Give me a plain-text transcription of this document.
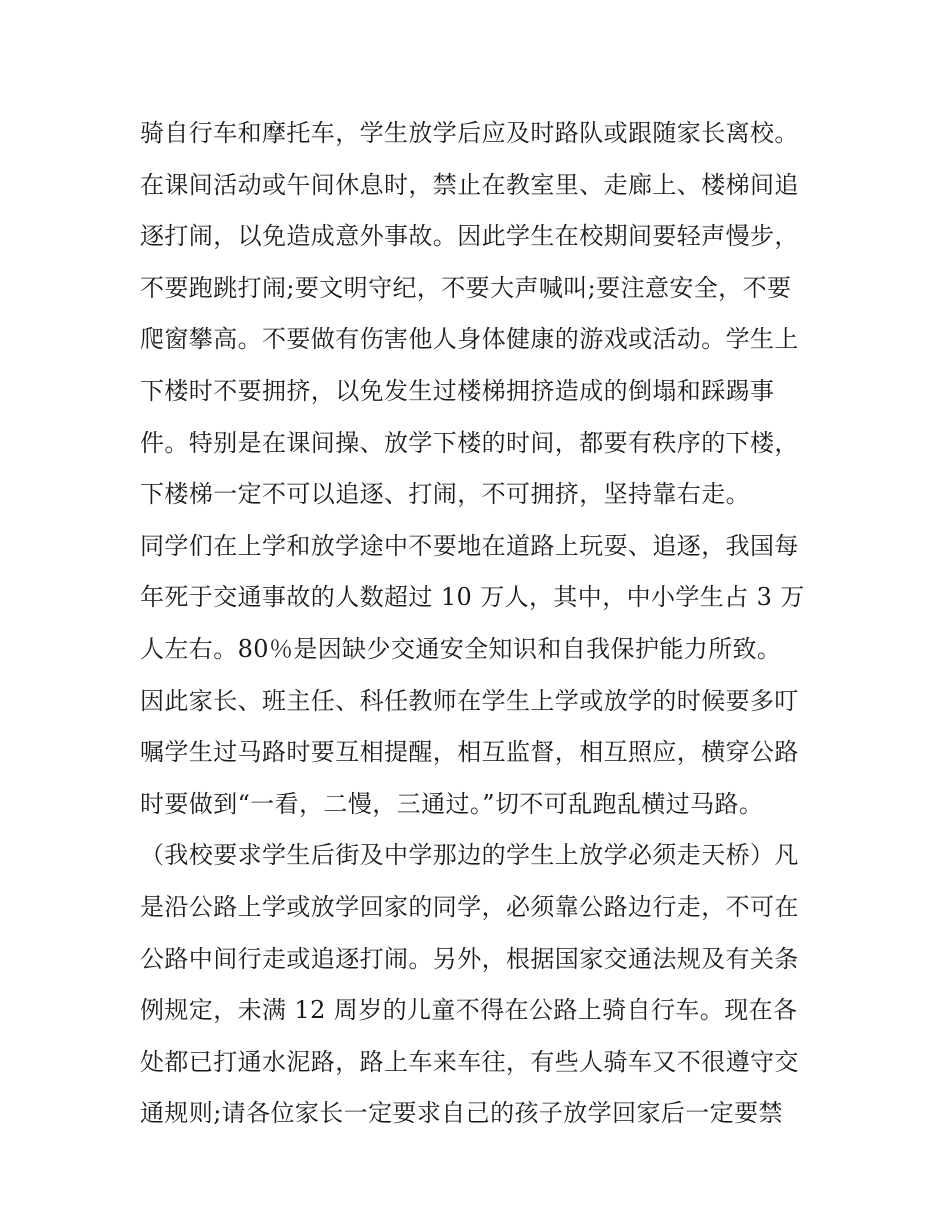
骑自行车和摩托车，学生放学后应及时路队或跟随家长离校。
在课间活动或午间休息时，禁止在教室里、走廊上、楼梯间追
逐打闹，以免造成意外事故。因此学生在校期间要轻声慢步，
不要跑跳打闹;要文明守纪，不要大声喊叫;要注意安全，不要
爬窗攀高。不要做有伤害他人身体健康的游戏或活动。学生上
下楼时不要拥挤，以免发生过楼梯拥挤造成的倒塌和踩踢事
件。特别是在课间操、放学下楼的时间，都要有秩序的下楼，
下楼梯一定不可以追逐、打闹，不可拥挤，坚持靠右走。
同学们在上学和放学途中不要地在道路上玩耍、追逐，我国每
年死于交通事故的人数超过 10 万人，其中，中小学生占 3 万
人左右。80％是因缺少交通安全知识和自我保护能力所致。
因此家长、班主任、科任教师在学生上学或放学的时候要多叮
嘱学生过马路时要互相提醒，相互监督，相互照应，横穿公路
时要做到“一看，二慢，三通过。”切不可乱跑乱横过马路。
（我校要求学生后街及中学那边的学生上放学必须走天桥）凡
是沿公路上学或放学回家的同学，必须靠公路边行走，不可在
公路中间行走或追逐打闹。另外，根据国家交通法规及有关条
例规定，未满 12 周岁的儿童不得在公路上骑自行车。现在各
处都已打通水泥路，路上车来车往，有些人骑车又不很遵守交
通规则;请各位家长一定要求自己的孩子放学回家后一定要禁
